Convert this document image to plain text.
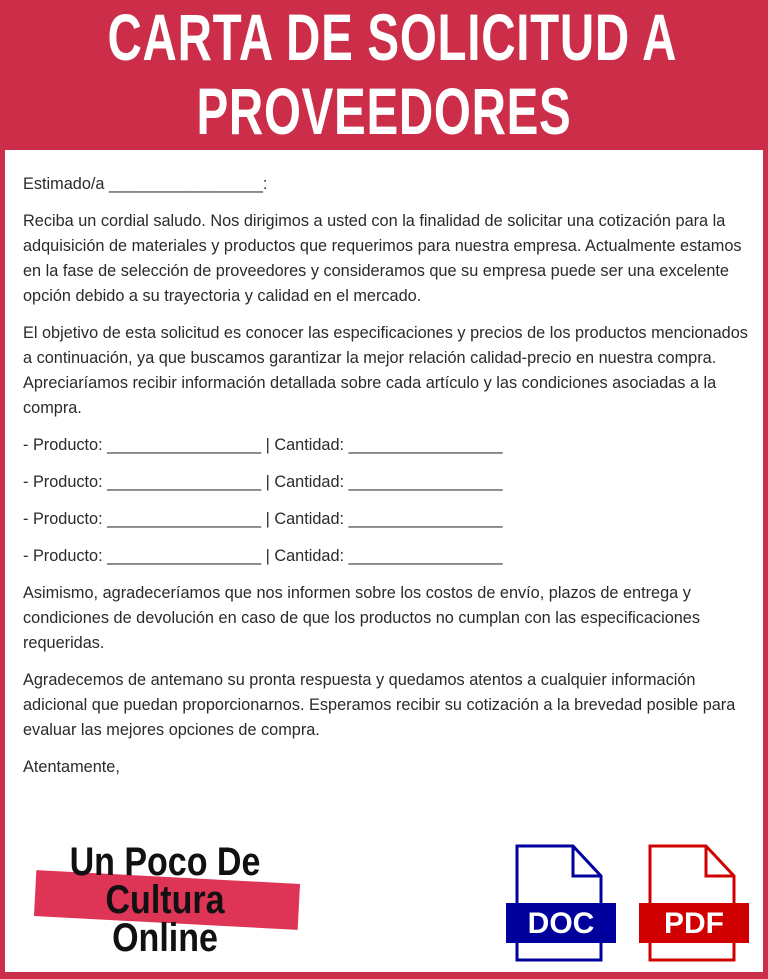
CARTA DE SOLICITUD A
PROVEEDORES

Estimado/a _________________:

Reciba un cordial saludo. Nos dirigimos a usted con la finalidad de solicitar una cotización para la adquisición de materiales y productos que requerimos para nuestra empresa. Actualmente estamos en la fase de selección de proveedores y consideramos que su empresa puede ser una excelente opción debido a su trayectoria y calidad en el mercado.

El objetivo de esta solicitud es conocer las especificaciones y precios de los productos mencionados a continuación, ya que buscamos garantizar la mejor relación calidad-precio en nuestra compra. Apreciaríamos recibir información detallada sobre cada artículo y las condiciones asociadas a la compra.

- Producto: _________________ | Cantidad: _________________

- Producto: _________________ | Cantidad: _________________

- Producto: _________________ | Cantidad: _________________

- Producto: _________________ | Cantidad: _________________

Asimismo, agradeceríamos que nos informen sobre los costos de envío, plazos de entrega y condiciones de devolución en caso de que los productos no cumplan con las especificaciones requeridas.

Agradecemos de antemano su pronta respuesta y quedamos atentos a cualquier información adicional que puedan proporcionarnos. Esperamos recibir su cotización a la brevedad posible para evaluar las mejores opciones de compra.

Atentamente,

Un Poco De
Cultura
Online	DOC PDF
